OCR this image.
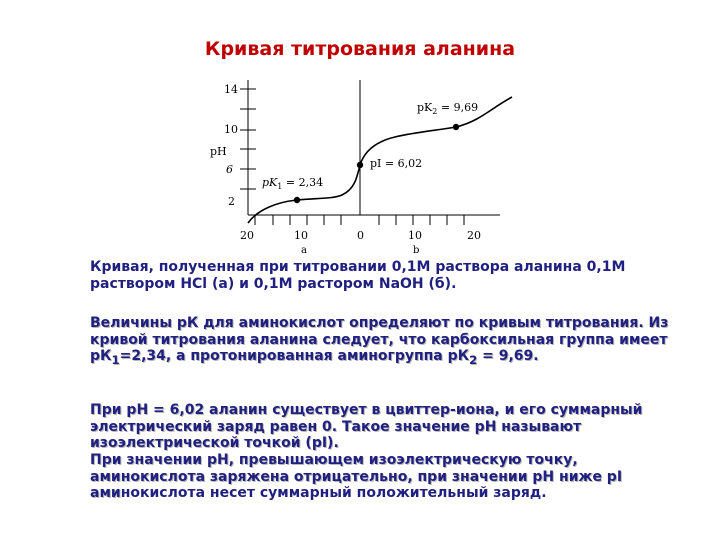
Кривая титрования аланина
14
10
pH
6
2
20	10	0	10	20
a	b
$pK_1 = 2,34$
pI = 6,02
$pK_2 = 9,69$

Кривая, полученная при титровании 0,1М раствора аланина 0,1М раствором HCl (а) и 0,1М растором NaOH (б).

Величины рК для аминокислот определяют по кривым титрования. Из кривой титрования аланина следует, что карбоксильная группа имеет $рК_1=2,34$, а протонированная аминогруппа $рК_2 = 9,69$.

При рН = 6,02 аланин существует в цвиттер-иона, и его суммарный электрический заряд равен 0. Такое значение рН называют изоэлектрической точкой (pI).

При значении рН, превышающем изоэлектрическую точку, аминокислота заряжена отрицательно, при значении рН ниже pI аминокислота несет суммарный положительный заряд.
